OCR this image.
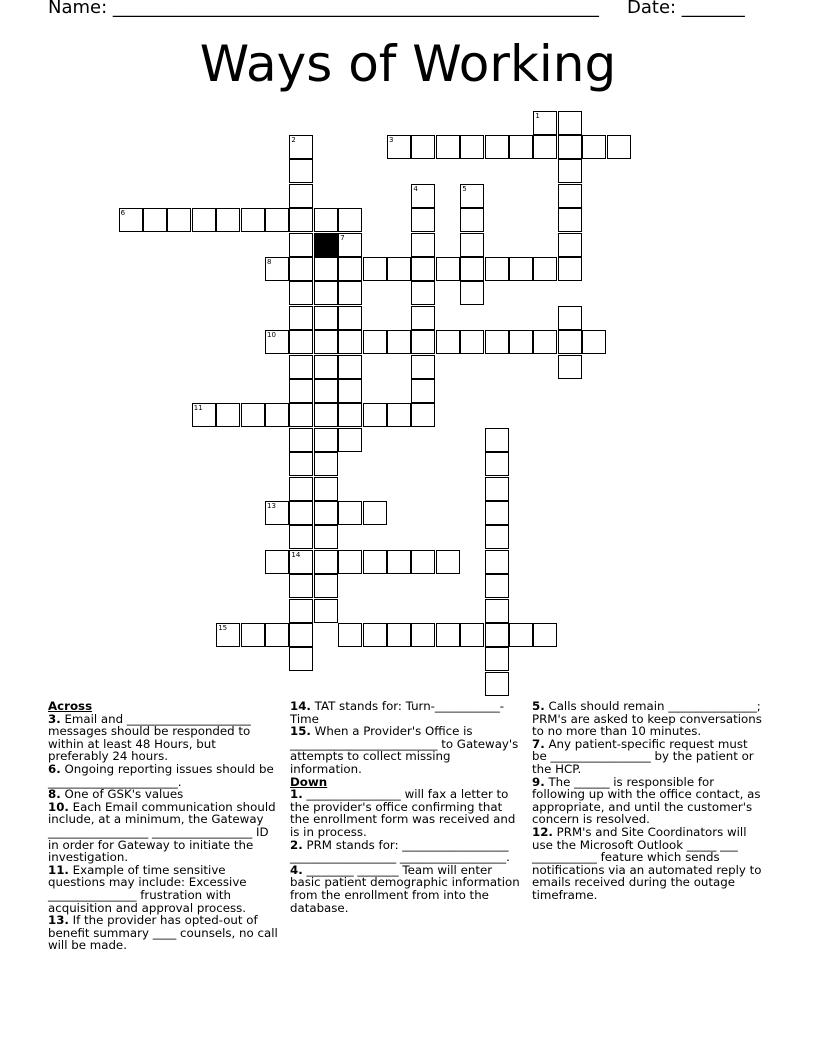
Name: ______________________________________________________ Date: _______
Ways of Working
1
3
2
14
4	5
6
7
8
10
11
13
15

Across

3. Email and _____________________ messages should be responded to within at least 48 Hours, but preferably 24 hours.

6. Ongoing reporting issues should be ______________________.

8. One of GSK's values

10. Each Email communication should include, at a minimum, the Gateway _________________ _________________ ID in order for Gateway to initiate the investigation.

11. Example of time sensitive questions may include: Excessive _______________ frustration with acquisition and approval process.

13. If the provider has opted-out of benefit summary ____ counsels, no call will be made.

14. TAT stands for: Turn-___________-Time

15. When a Provider's Office is _________________________ to Gateway's attempts to collect missing information.

Down

1. ________________ will fax a letter to the provider's office confirming that the enrollment form was received and is in process.

2. PRM stands for: __________________ __________________ __________________.

4. ________ _______ Team will enter basic patient demographic information from the enrollment from into the database.

5. Calls should remain _______________; PRM's are asked to keep conversations to no more than 10 minutes.

7. Any patient-specific request must be _________________ by the patient or the HCP.

9. The ______ is responsible for following up with the office contact, as appropriate, and until the customer's concern is resolved.

12. PRM's and Site Coordinators will use the Microsoft Outlook _____ ___ ___________ feature which sends notifications via an automated reply to emails received during the outage timeframe.
